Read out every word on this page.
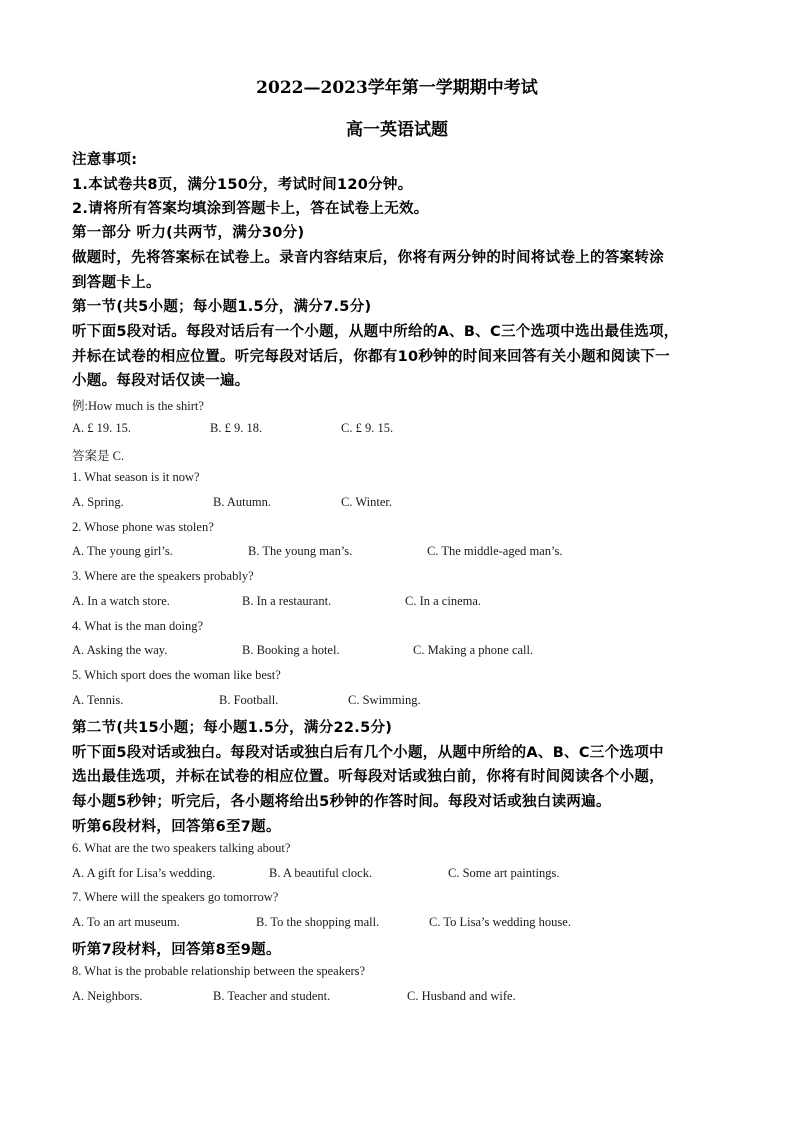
2022—2023学年第一学期期中考试
高一英语试题
注意事项:
1.本试卷共8页，满分150分，考试时间120分钟。
2.请将所有答案均填涂到答题卡上，答在试卷上无效。
第一部分 听力(共两节，满分30分)
做题时，先将答案标在试卷上。录音内容结束后，你将有两分钟的时间将试卷上的答案转涂
到答题卡上。
第一节(共5小题；每小题1.5分，满分7.5分)
听下面5段对话。每段对话后有一个小题，从题中所给的A、B、C三个选项中选出最佳选项，
并标在试卷的相应位置。听完每段对话后，你都有10秒钟的时间来回答有关小题和阅读下一
小题。每段对话仅读一遍。
例:How much is the shirt?
A. £ 19. 15.	B. £ 9. 18.	C. £ 9. 15.
答案是 C.
1. What season is it now?
A. Spring.	B. Autumn.	C. Winter.
2. Whose phone was stolen?
A. The young girl’s.	B. The young man’s.	C. The middle-aged man’s.
3. Where are the speakers probably?
A. In a watch store.	B. In a restaurant.	C. In a cinema.
4. What is the man doing?
A. Asking the way.	B. Booking a hotel.	C. Making a phone call.
5. Which sport does the woman like best?
A. Tennis.	B. Football.	C. Swimming.
第二节(共15小题；每小题1.5分，满分22.5分)
听下面5段对话或独白。每段对话或独白后有几个小题，从题中所给的A、B、C三个选项中
选出最佳选项，并标在试卷的相应位置。听每段对话或独白前，你将有时间阅读各个小题，
每小题5秒钟；听完后，各小题将给出5秒钟的作答时间。每段对话或独白读两遍。
听第6段材料，回答第6至7题。
6. What are the two speakers talking about?
A. A gift for Lisa’s wedding.	B. A beautiful clock.	C. Some art paintings.
7. Where will the speakers go tomorrow?
A. To an art museum.	B. To the shopping mall.	C. To Lisa’s wedding house.
听第7段材料，回答第8至9题。
8. What is the probable relationship between the speakers?
A. Neighbors.	B. Teacher and student.	C. Husband and wife.
